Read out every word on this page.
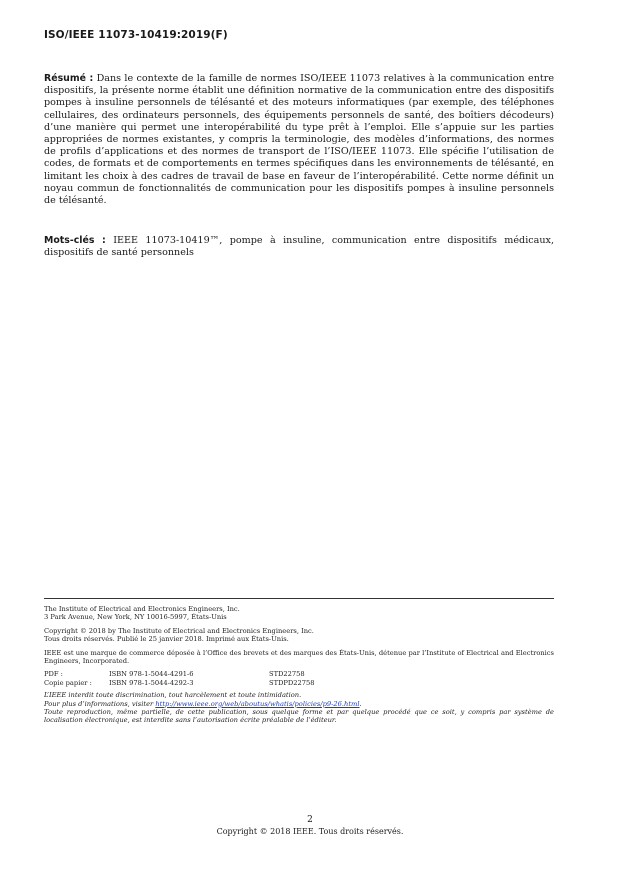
ISO/IEEE 11073-10419:2019(F)
Résumé : Dans le contexte de la famille de normes ISO/IEEE 11073 relatives à la communication entre dispositifs, la présente norme établit une définition normative de la communication entre des dispositifs pompes à insuline personnels de télésanté et des moteurs informatiques (par exemple, des téléphones cellulaires, des ordinateurs personnels, des équipements personnels de santé, des boîtiers décodeurs) d’une manière qui permet une interopérabilité du type prêt à l’emploi. Elle s’appuie sur les parties appropriées de normes existantes, y compris la terminologie, des modèles d’informations, des normes de profils d’applications et des normes de transport de l’ISO/IEEE 11073. Elle spécifie l’utilisation de codes, de formats et de comportements en termes spécifiques dans les environnements de télésanté, en limitant les choix à des cadres de travail de base en faveur de l’interopérabilité. Cette norme définit un noyau commun de fonctionnalités de communication pour les dispositifs pompes à insuline personnels de télésanté.
Mots-clés : IEEE 11073-10419™, pompe à insuline, communication entre dispositifs médicaux, dispositifs de santé personnels

The Institute of Electrical and Electronics Engineers, Inc.
3 Park Avenue, New York, NY 10016-5997, États-Unis

Copyright © 2018 by The Institute of Electrical and Electronics Engineers, Inc.
Tous droits réservés. Publié le 25 janvier 2018. Imprimé aux États-Unis.

IEEE est une marque de commerce déposée à l’Office des brevets et des marques des États-Unis, détenue par l’Institute of Electrical and Electronics Engineers, Incorporated.

PDF :	ISBN 978-1-5044-4291-6	STD22758
Copie papier :	ISBN 978-1-5044-4292-3	STDPD22758

L’IEEE interdit toute discrimination, tout harcèlement et toute intimidation.
Pour plus d’informations, visiter http://www.ieee.org/web/aboutus/whatis/policies/p9-26.html.
Toute reproduction, même partielle, de cette publication, sous quelque forme et par quelque procédé que ce soit, y compris par système de localisation électronique, est interdite sans l’autorisation écrite préalable de l’éditeur.

2
Copyright © 2018 IEEE. Tous droits réservés.
